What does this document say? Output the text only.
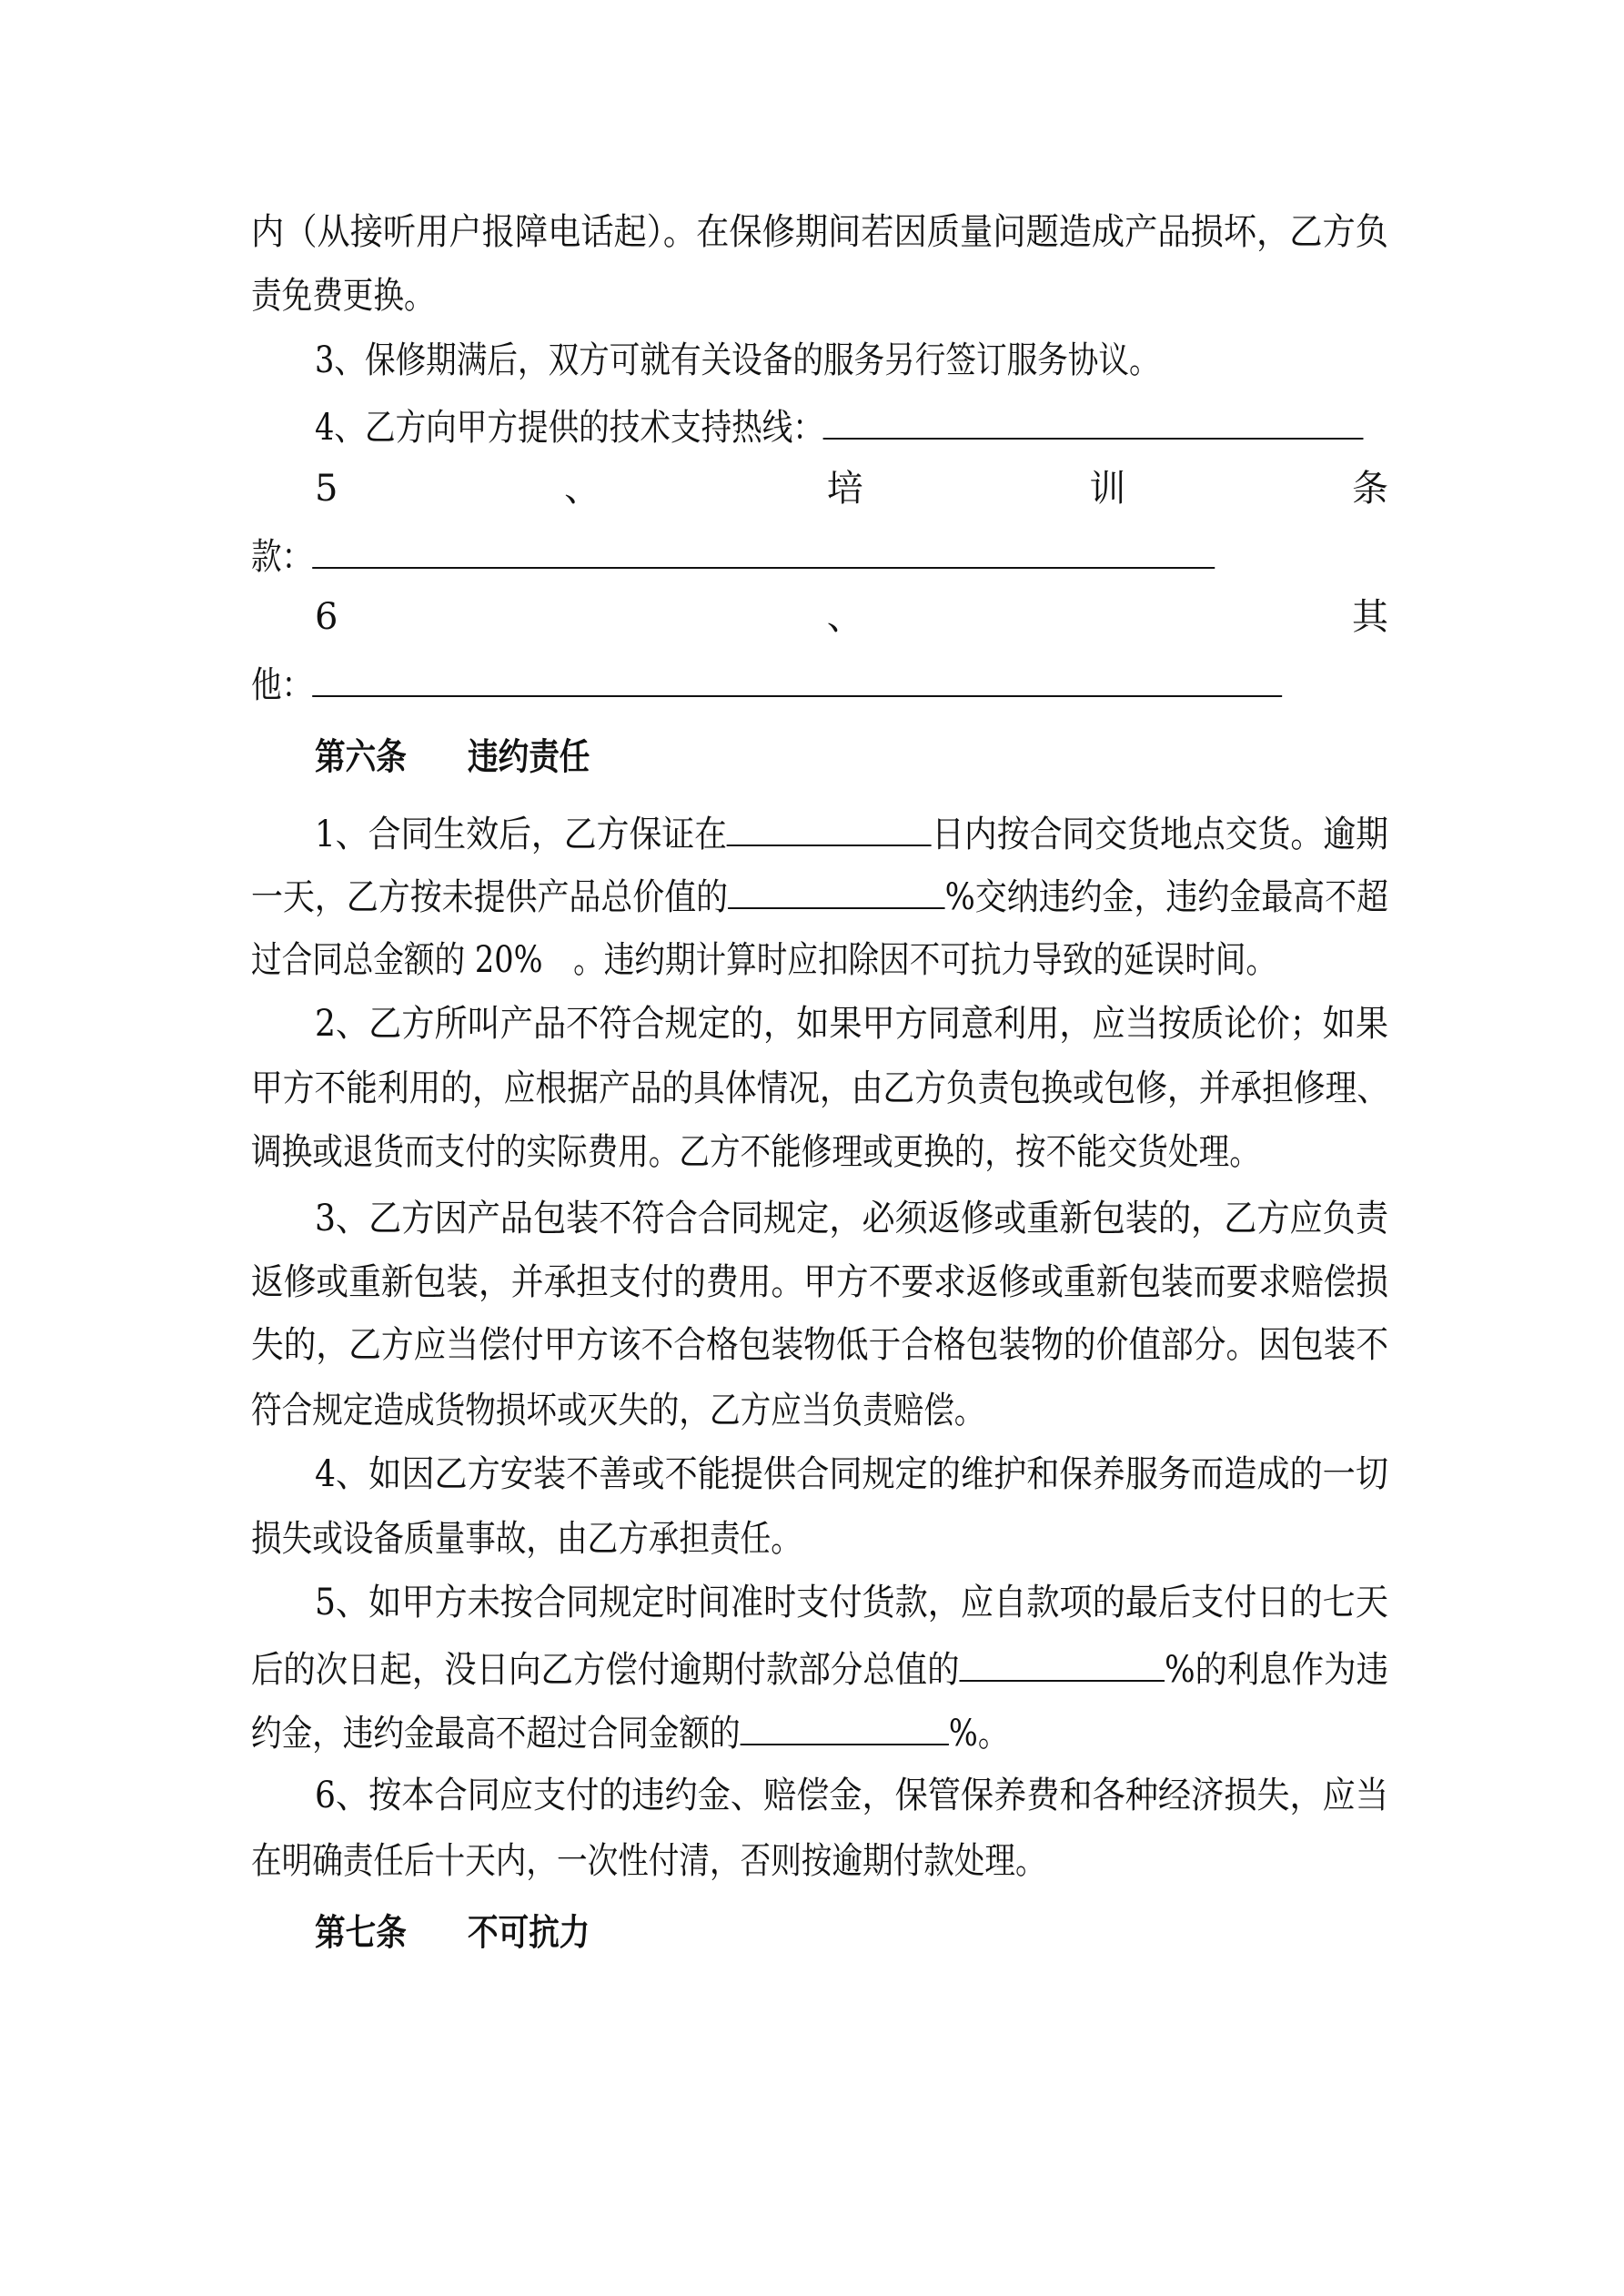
内（从接听用户报障电话起）。在保修期间若因质量问题造成产品损坏，乙方负
责免费更换。
3、保修期满后，双方可就有关设备的服务另行签订服务协议。
4、乙方向甲方提供的技术支持热线：
5	、	培	训	条
款：
6	、	其
他：
第六条　　违约责任
1、合同生效后，乙方保证在	日内按合同交货地点交货。逾期
一天，乙方按未提供产品总价值的	%交纳违约金，违约金最高不超
过合同总金额的 20%　。违约期计算时应扣除因不可抗力导致的延误时间。
2、乙方所叫产品不符合规定的，如果甲方同意利用，应当按质论价；如果
甲方不能利用的，应根据产品的具体情况，由乙方负责包换或包修，并承担修理、
调换或退货而支付的实际费用。乙方不能修理或更换的，按不能交货处理。
3、乙方因产品包装不符合合同规定，必须返修或重新包装的，乙方应负责
返修或重新包装，并承担支付的费用。甲方不要求返修或重新包装而要求赔偿损
失的，乙方应当偿付甲方该不合格包装物低于合格包装物的价值部分。因包装不
符合规定造成货物损坏或灭失的，乙方应当负责赔偿。
4、如因乙方安装不善或不能提供合同规定的维护和保养服务而造成的一切
损失或设备质量事故，由乙方承担责任。
5、如甲方未按合同规定时间准时支付货款，应自款项的最后支付日的七天
后的次日起，没日向乙方偿付逾期付款部分总值的	%的利息作为违
约金，违约金最高不超过合同金额的	%。
6、按本合同应支付的违约金、赔偿金，保管保养费和各种经济损失，应当
在明确责任后十天内，一次性付清，否则按逾期付款处理。
第七条　　不可抗力
